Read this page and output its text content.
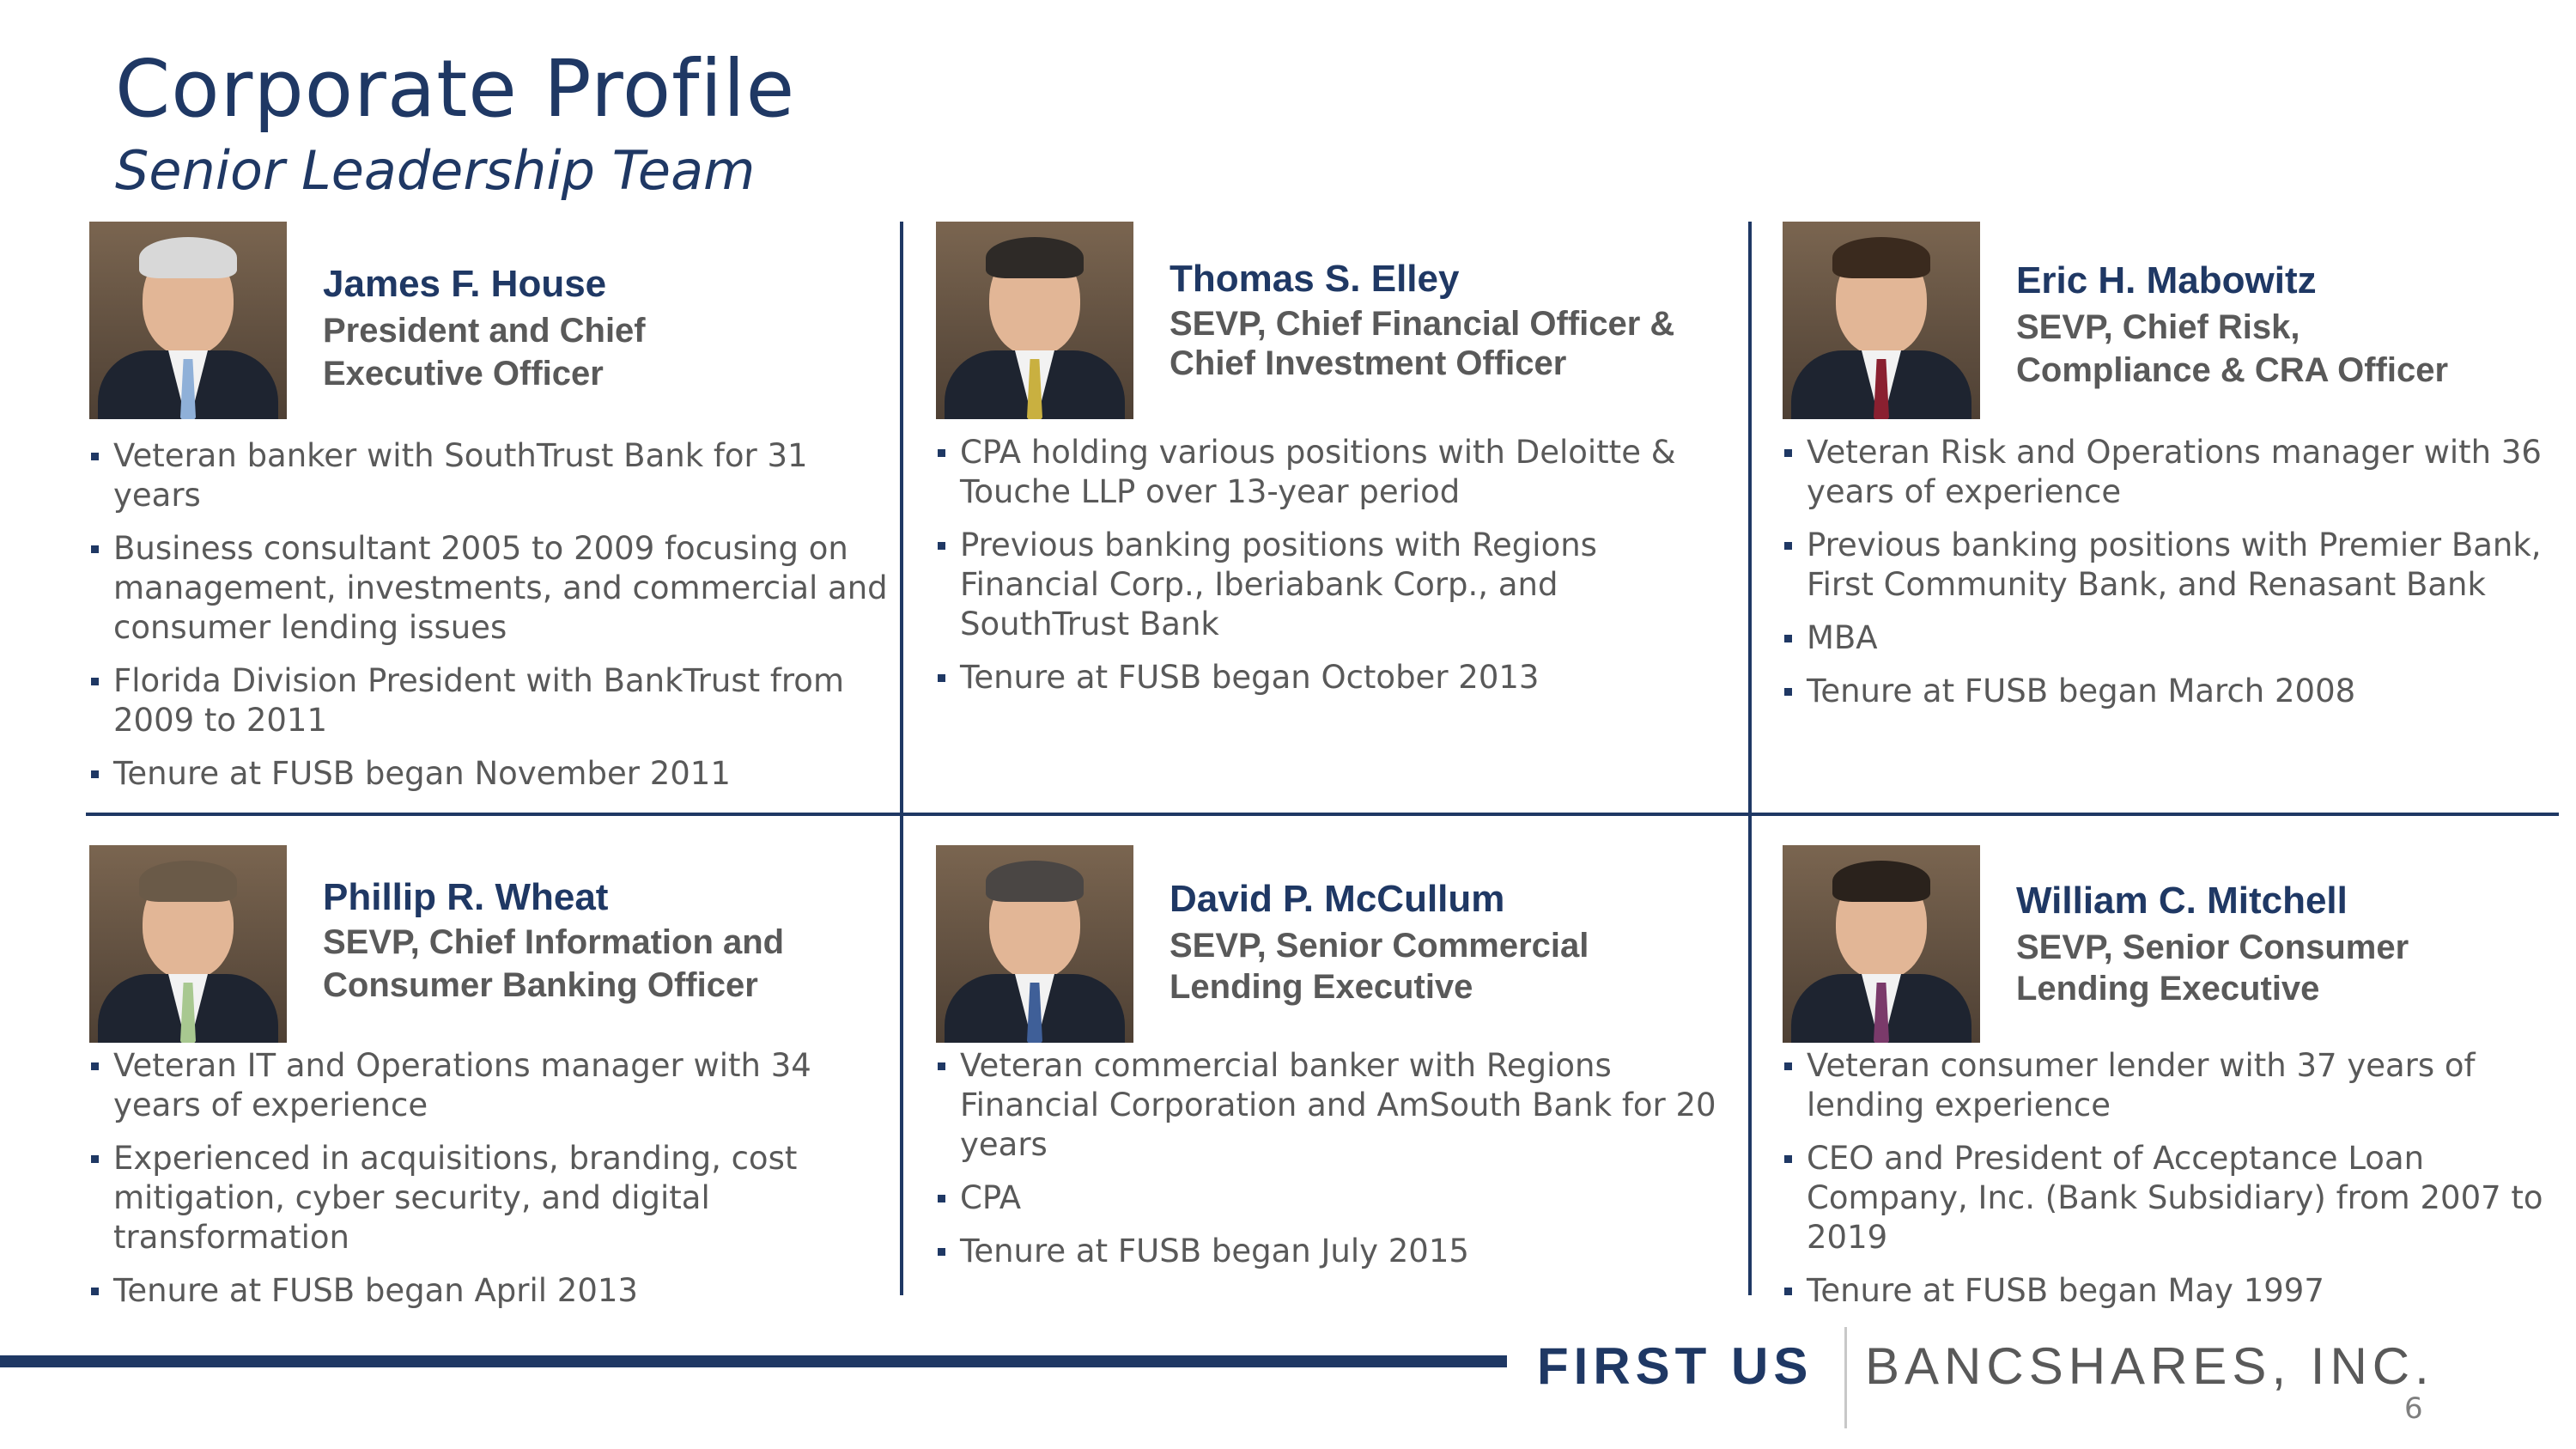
Corporate Profile
Senior Leadership Team
James F. House
President and Chief
Executive Officer
Veteran banker with SouthTrust Bank for 31 years
Business consultant 2005 to 2009 focusing on management, investments, and commercial and consumer lending issues
Florida Division President with BankTrust from 2009 to 2011
Tenure at FUSB began November 2011
Thomas S. Elley
SEVP, Chief Financial Officer &
Chief Investment Officer
CPA holding various positions with Deloitte & Touche LLP over 13-year period
Previous banking positions with Regions Financial Corp., Iberiabank Corp., and SouthTrust Bank
Tenure at FUSB began October 2013
Eric H. Mabowitz
SEVP, Chief Risk,
Compliance & CRA Officer
Veteran Risk and Operations manager with 36 years of experience
Previous banking positions with Premier Bank, First Community Bank, and Renasant Bank
MBA
Tenure at FUSB began March 2008
Phillip R. Wheat
SEVP, Chief Information and
Consumer Banking Officer
Veteran IT and Operations manager with 34 years of experience
Experienced in acquisitions, branding, cost mitigation, cyber security, and digital transformation
Tenure at FUSB began April 2013
David P. McCullum
SEVP, Senior Commercial
Lending Executive
Veteran commercial banker with Regions Financial Corporation and AmSouth Bank for 20 years
CPA
Tenure at FUSB began July 2015
William C. Mitchell
SEVP, Senior Consumer
Lending Executive
Veteran consumer lender with 37 years of lending experience
CEO and President of Acceptance Loan Company, Inc. (Bank Subsidiary) from 2007 to 2019
Tenure at FUSB began May 1997
FIRST US BANCSHARES, INC.
6
